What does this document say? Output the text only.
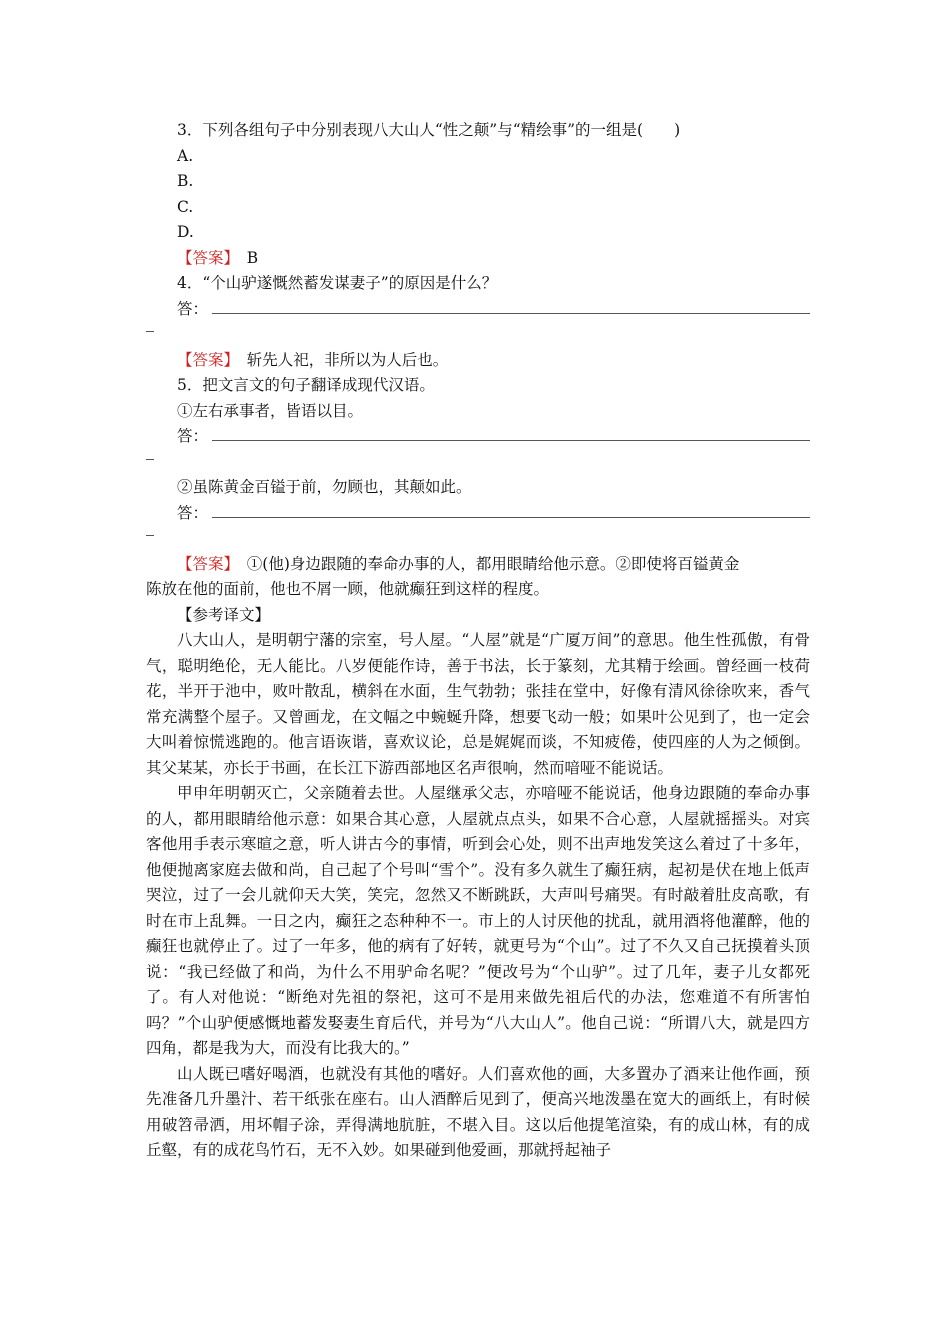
3．下列各组句子中分别表现八大山人“性之颠”与“精绘事”的一组是(　　)
A.
B.
C.
D.
【答案】　B
4．“个山驴遂慨然蓄发谋妻子”的原因是什么？
答：
【答案】　斩先人祀，非所以为人后也。
5．把文言文的句子翻译成现代汉语。
①左右承事者，皆语以目。
答：
②虽陈黄金百镒于前，勿顾也，其颠如此。
答：
【答案】　①(他)身边跟随的奉命办事的人，都用眼睛给他示意。②即使将百镒黄金
陈放在他的面前，他也不屑一顾，他就癫狂到这样的程度。
【参考译文】
八大山人，是明朝宁藩的宗室，号人屋。“人屋”就是“广厦万间”的意思。他生性孤傲，有骨气，聪明绝伦，无人能比。八岁便能作诗，善于书法，长于篆刻，尤其精于绘画。曾经画一枝荷花，半开于池中，败叶散乱，横斜在水面，生气勃勃；张挂在堂中，好像有清风徐徐吹来，香气常充满整个屋子。又曾画龙，在文幅之中蜿蜒升降，想要飞动一般；如果叶公见到了，也一定会大叫着惊慌逃跑的。他言语诙谐，喜欢议论，总是娓娓而谈，不知疲倦，使四座的人为之倾倒。其父某某，亦长于书画，在长江下游西部地区名声很响，然而喑哑不能说话。
甲申年明朝灭亡，父亲随着去世。人屋继承父志，亦喑哑不能说话，他身边跟随的奉命办事的人，都用眼睛给他示意：如果合其心意，人屋就点点头，如果不合心意，人屋就摇摇头。对宾客他用手表示寒暄之意，听人讲古今的事情，听到会心处，则不出声地发笑这么着过了十多年，他便抛离家庭去做和尚，自己起了个号叫“雪个”。没有多久就生了癫狂病，起初是伏在地上低声哭泣，过了一会儿就仰天大笑，笑完，忽然又不断跳跃，大声叫号痛哭。有时敲着肚皮高歌，有时在市上乱舞。一日之内，癫狂之态种种不一。市上的人讨厌他的扰乱，就用酒将他灌醉，他的癫狂也就停止了。过了一年多，他的病有了好转，就更号为“个山”。过了不久又自己抚摸着头顶说：“我已经做了和尚，为什么不用驴命名呢？”便改号为“个山驴”。过了几年，妻子儿女都死了。有人对他说：“断绝对先祖的祭祀，这可不是用来做先祖后代的办法，您难道不有所害怕吗？”个山驴便感慨地蓄发娶妻生育后代，并号为“八大山人”。他自己说：“所谓八大，就是四方四角，都是我为大，而没有比我大的。”
山人既已嗜好喝酒，也就没有其他的嗜好。人们喜欢他的画，大多置办了酒来让他作画，预先准备几升墨汁、若干纸张在座右。山人酒醉后见到了，便高兴地泼墨在宽大的画纸上，有时候用破笤帚洒，用坏帽子涂，弄得满地肮脏，不堪入目。这以后他提笔渲染，有的成山林，有的成丘壑，有的成花鸟竹石，无不入妙。如果碰到他爱画，那就捋起袖子
